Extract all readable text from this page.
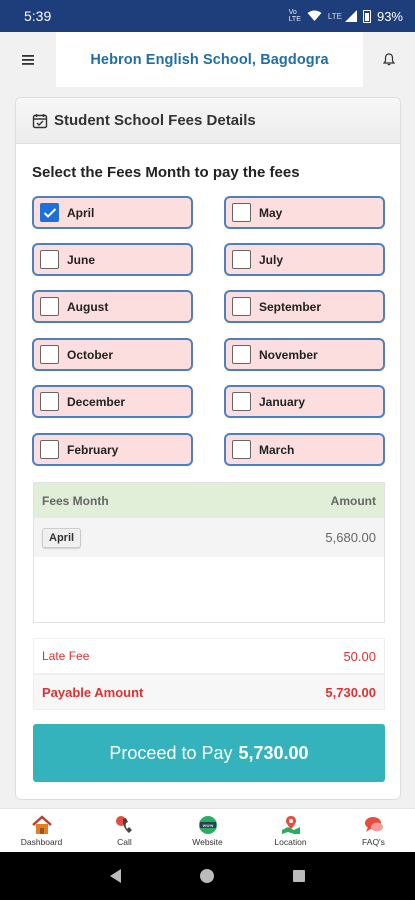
5:39	Vo
LTE	LTE	93%
Hebron English School, Bagdogra
Student School Fees Details
Select the Fees Month to pay the fees
April	May
June	July
August	September
October	November
December	January
February	March
Fees Month	Amount
April	5,680.00
Late Fee	50.00
Payable Amount	5,730.00
Proceed to Pay 5,730.00
Dashboard	Call
www
Website	Location	FAQ's
